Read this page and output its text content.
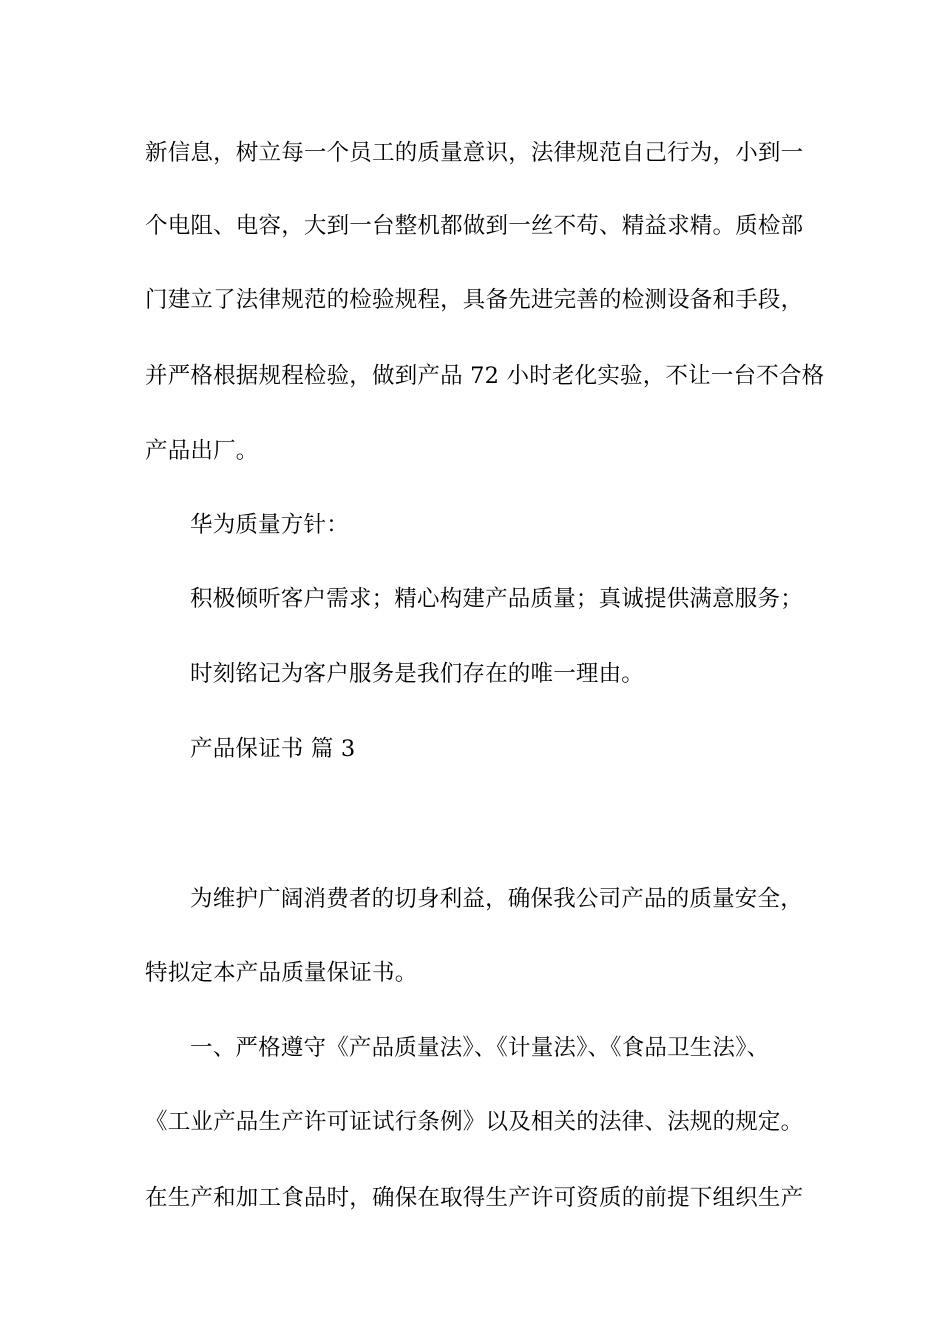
新信息，树立每一个员工的质量意识，法律规范自己行为，小到一
个电阻、电容，大到一台整机都做到一丝不苟、精益求精。质检部
门建立了法律规范的检验规程，具备先进完善的检测设备和手段，
并严格根据规程检验，做到产品 72 小时老化实验，不让一台不合格
产品出厂。
华为质量方针：
积极倾听客户需求；精心构建产品质量；真诚提供满意服务；
时刻铭记为客户服务是我们存在的唯一理由。
产品保证书 篇 3
为维护广阔消费者的切身利益，确保我公司产品的质量安全，
特拟定本产品质量保证书。
一、严格遵守《产品质量法》、《计量法》、《食品卫生法》、
《工业产品生产许可证试行条例》以及相关的法律、法规的规定。
在生产和加工食品时，确保在取得生产许可资质的前提下组织生产
